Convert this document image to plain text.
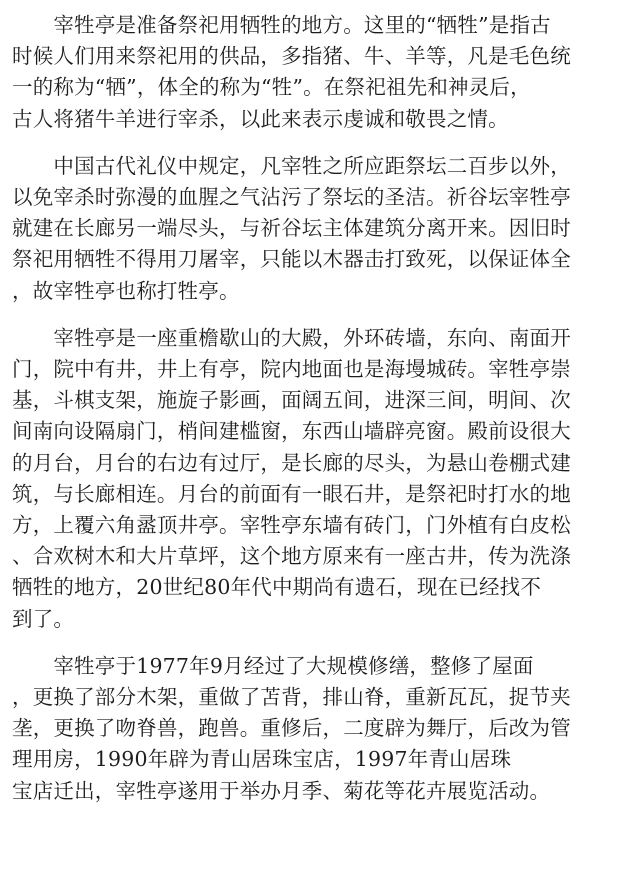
　　宰牲亭是准备祭祀用牺牲的地方。这里的“牺牲”是指古
时候人们用来祭祀用的供品，多指猪、牛、羊等，凡是毛色统
一的称为“牺”，体全的称为“牲”。在祭祀祖先和神灵后，
古人将猪牛羊进行宰杀，以此来表示虔诚和敬畏之情。
　　中国古代礼仪中规定，凡宰牲之所应距祭坛二百步以外，
以免宰杀时弥漫的血腥之气沾污了祭坛的圣洁。祈谷坛宰牲亭
就建在长廊另一端尽头，与祈谷坛主体建筑分离开来。因旧时
祭祀用牺牲不得用刀屠宰，只能以木器击打致死，以保证体全
，故宰牲亭也称打牲亭。
　　宰牲亭是一座重檐歇山的大殿，外环砖墙，东向、南面开
门，院中有井，井上有亭，院内地面也是海墁城砖。宰牲亭崇
基，斗棋支架，施旋子影画，面阔五间，进深三间，明间、次
间南向设隔扇门，梢间建槛窗，东西山墙辟亮窗。殿前设很大
的月台，月台的右边有过厅，是长廊的尽头，为悬山卷棚式建
筑，与长廊相连。月台的前面有一眼石井，是祭祀时打水的地
方，上覆六角盝顶井亭。宰牲亭东墙有砖门，门外植有白皮松
、合欢树木和大片草坪，这个地方原来有一座古井，传为洗涤
牺牲的地方，20世纪80年代中期尚有遗石，现在已经找不
到了。
　　宰牲亭于1977年9月经过了大规模修缮，整修了屋面
，更换了部分木架，重做了苫背，排山脊，重新瓦瓦，捉节夹
垄，更换了吻脊兽，跑兽。重修后，二度辟为舞厅，后改为管
理用房，1990年辟为青山居珠宝店，1997年青山居珠
宝店迁出，宰牲亭遂用于举办月季、菊花等花卉展览活动。
